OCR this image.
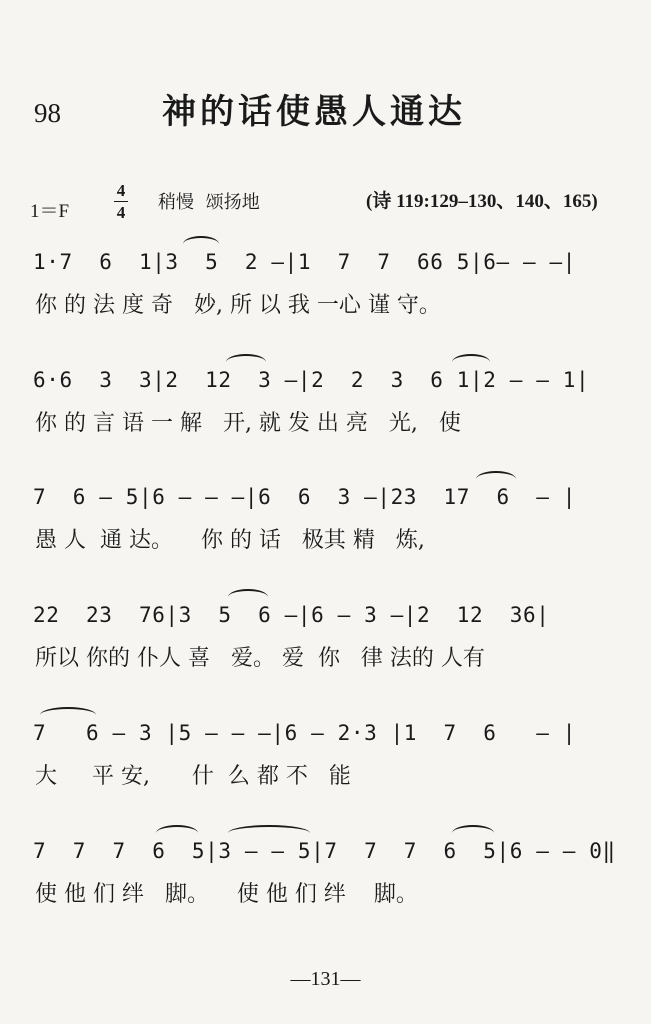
98	神的话使愚人通达
1＝F
4
4 稍慢 颂扬地	(诗 119:129–130、140、165)
1·7  6  1|3  5  2 –|1  7  7  66 5|6– – –|
你 的 法 度 奇   妙, 所 以 我 一心 谨 守。
6·6  3  3|2  12  3 –|2  2  3  6 1|2 – – 1|
你 的 言 语 一 解   开, 就 发 出 亮   光,   使
7  6 – 5|6 – – –|6  6  3 –|23  17  6  – |
愚 人  通 达。    你 的 话   极其 精   炼,
22  23  76|3  5  6 –|6 – 3 –|2  12  36|
所以 你的 仆人 喜   爱。 爱  你   律 法的 人有
7   6 – 3 |5 – – –|6 – 2·3 |1  7  6   – |
大     平 安,      什  么 都 不   能
7  7  7  6  5|3 – – 5|7  7  7  6  5|6 – – 0‖
使 他 们 绊   脚。    使 他 们 绊    脚。
—131—
